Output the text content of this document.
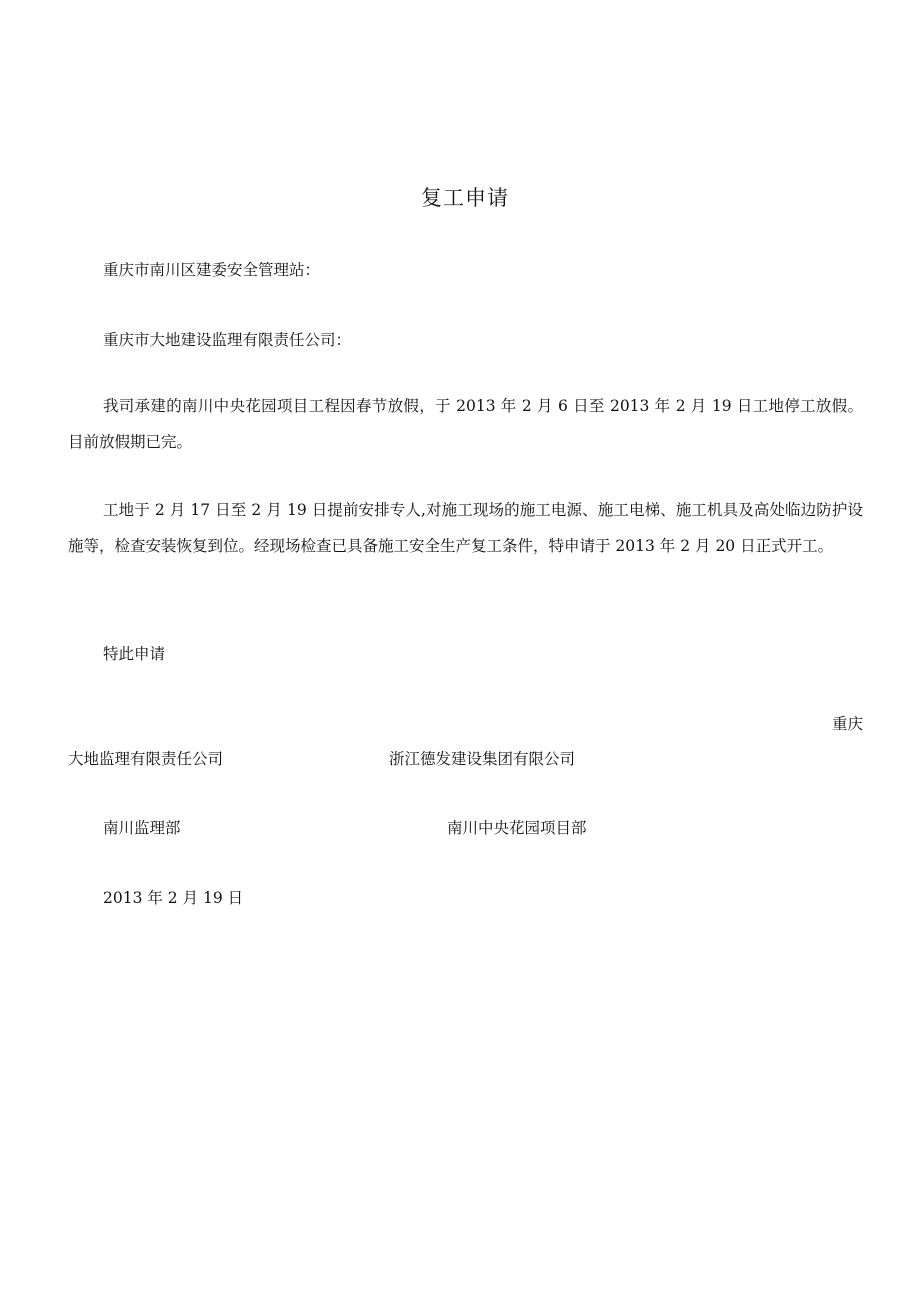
复工申请
重庆市南川区建委安全管理站：
重庆市大地建设监理有限责任公司：
我司承建的南川中央花园项目工程因春节放假，于 2013 年 2 月 6 日至 2013 年 2 月 19 日工地停工放假。目前放假期已完。
工地于 2 月 17 日至 2 月 19 日提前安排专人,对施工现场的施工电源、施工电梯、施工机具及高处临边防护设施等，检查安装恢复到位。经现场检查已具备施工安全生产复工条件，特申请于 2013 年 2 月 20 日正式开工。
特此申请
重庆
大地监理有限责任公司	浙江德发建设集团有限公司
南川监理部	南川中央花园项目部
2013 年 2 月 19 日
